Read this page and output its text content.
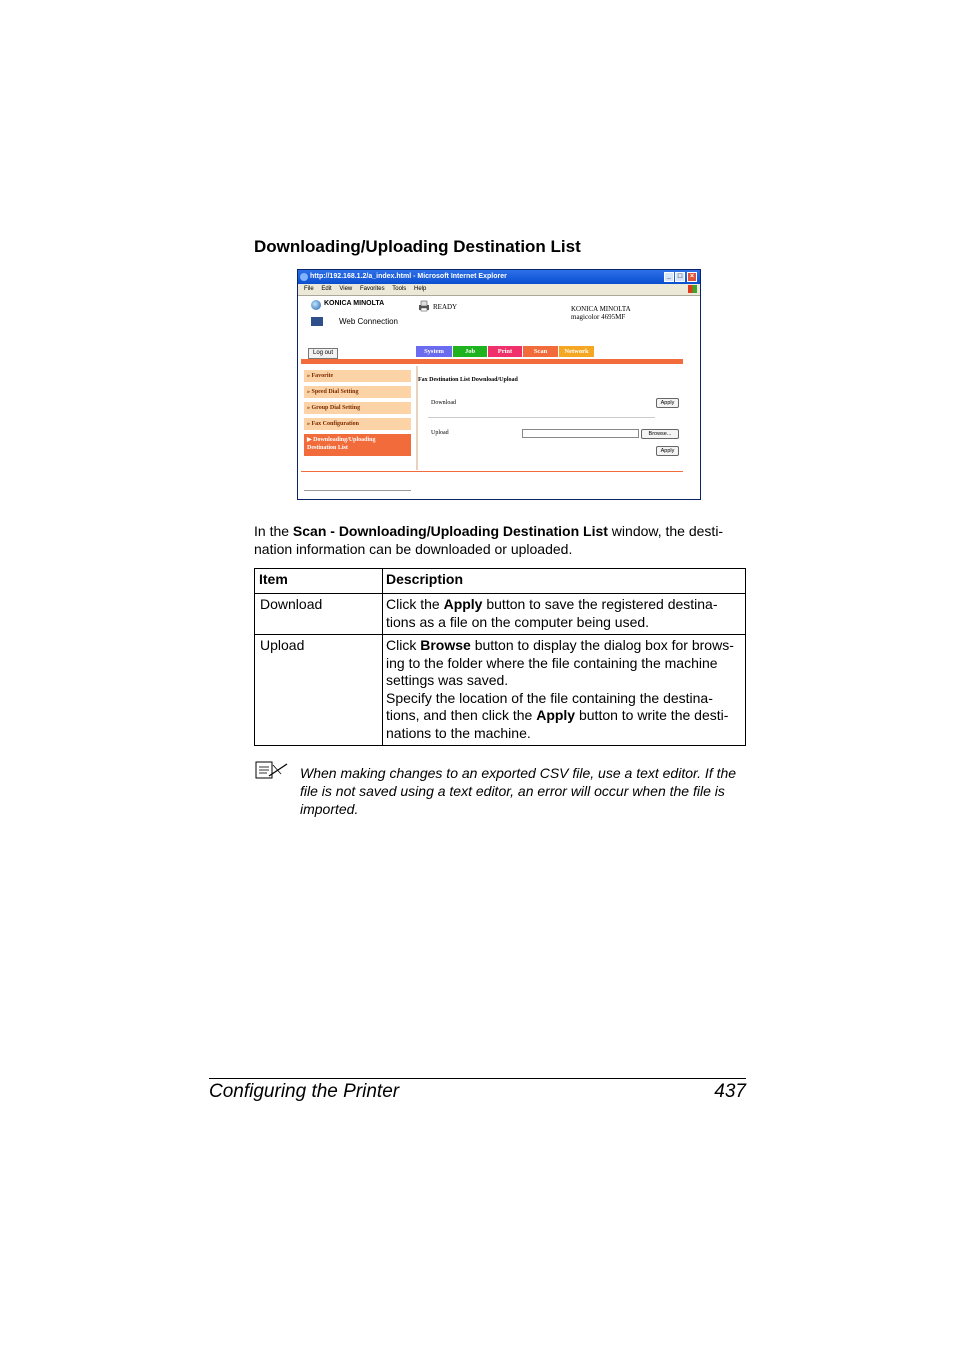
Downloading/Uploading Destination List
http://192.168.1.2/a_index.html - Microsoft Internet Explorer	_ □	×
File Edit View Favorites Tools Help
KONICA MINOLTA
Web Connection
READY	KONICA MINOLTA
magicolor 4695MF
Log out	System	Job	Print	Scan	Network
» Favorite
» Speed Dial Setting
» Group Dial Setting
» Fax Configuration
▶ Downloading/Uploading
Destination List
Fax Destination List Download/Upload
Download	Apply
Upload	Browse...
Apply
In the Scan - Downloading/Uploading Destination List window, the desti-
nation information can be downloaded or uploaded.
Item	Description
Download	Click the Apply button to save the registered destina-
tions as a file on the computer being used.
Upload	Click Browse button to display the dialog box for brows-
ing to the folder where the file containing the machine
settings was saved.
Specify the location of the file containing the destina-
tions, and then click the Apply button to write the desti-
nations to the machine.
When making changes to an exported CSV file, use a text editor. If the
file is not saved using a text editor, an error will occur when the file is
imported.
Configuring the Printer	437
